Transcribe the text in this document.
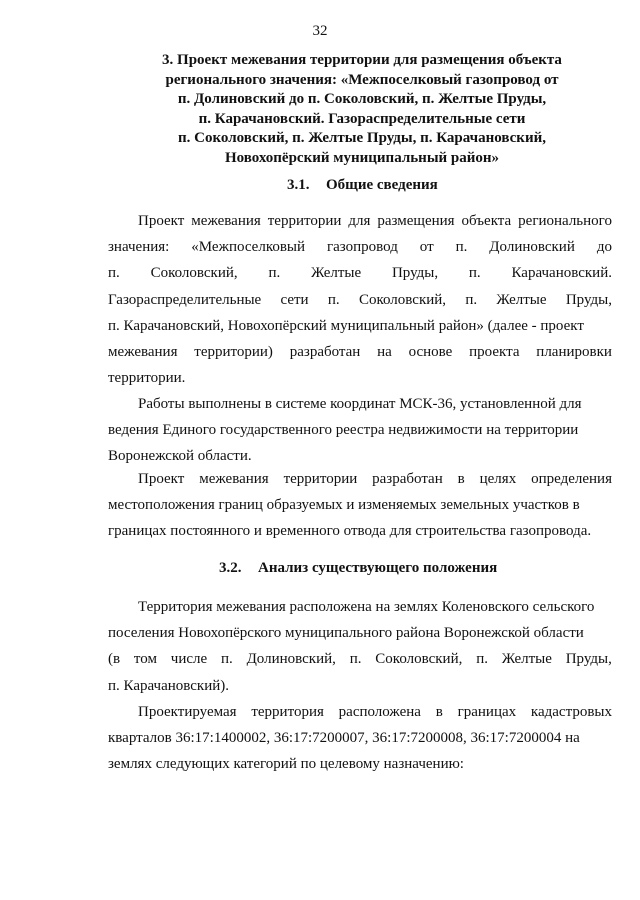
32
3. Проект межевания территории для размещения объекта
регионального значения: «Межпоселковый газопровод от
п. Долиновский до п. Соколовский, п. Желтые Пруды,
п. Карачановский. Газораспределительные сети
п. Соколовский, п. Желтые Пруды, п. Карачановский,
Новохопёрский муниципальный район»
3.1. Общие сведения
Проект межевания территории для размещения объекта регионального
значения: «Межпоселковый газопровод от п. Долиновский до
п. Соколовский, п. Желтые Пруды, п. Карачановский.
Газораспределительные сети п. Соколовский, п. Желтые Пруды,
п. Карачановский, Новохопёрский муниципальный район» (далее - проект
межевания территории) разработан на основе проекта планировки
территории.
Работы выполнены в системе координат МСК-36, установленной для
ведения Единого государственного реестра недвижимости на территории
Воронежской области.
Проект межевания территории разработан в целях определения
местоположения границ образуемых и изменяемых земельных участков в
границах постоянного и временного отвода для строительства газопровода.
3.2. Анализ существующего положения
Территория межевания расположена на землях Коленовского сельского
поселения Новохопёрского муниципального района Воронежской области
(в том числе п. Долиновский, п. Соколовский, п. Желтые Пруды,
п. Карачановский).
Проектируемая территория расположена в границах кадастровых
кварталов 36:17:1400002, 36:17:7200007, 36:17:7200008, 36:17:7200004 на
землях следующих категорий по целевому назначению:
